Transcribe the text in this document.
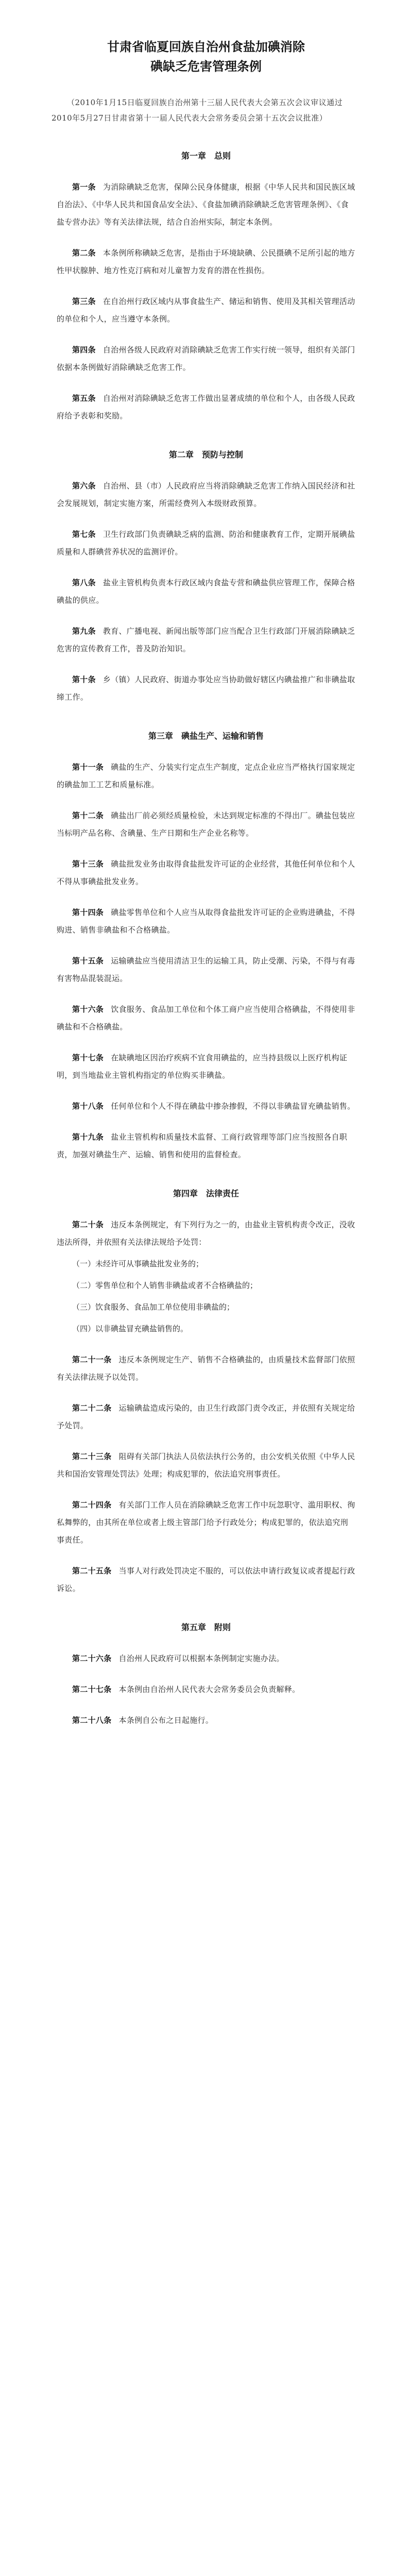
甘肃省临夏回族自治州食盐加碘消除
碘缺乏危害管理条例
（2010年1月15日临夏回族自治州第十三届人民代表大会第五次会议审议通过　2010年5月27日甘肃省第十一届人民代表大会常务委员会第十五次会议批准）
第一章　总则
第一条 为消除碘缺乏危害，保障公民身体健康，根据《中华人民共和国民族区域自治法》、《中华人民共和国食品安全法》、《食盐加碘消除碘缺乏危害管理条例》、《食盐专营办法》等有关法律法规，结合自治州实际，制定本条例。
第二条 本条例所称碘缺乏危害，是指由于环境缺碘、公民摄碘不足所引起的地方性甲状腺肿、地方性克汀病和对儿童智力发育的潜在性损伤。
第三条 在自治州行政区域内从事食盐生产、储运和销售、使用及其相关管理活动的单位和个人，应当遵守本条例。
第四条 自治州各级人民政府对消除碘缺乏危害工作实行统一领导，组织有关部门依据本条例做好消除碘缺乏危害工作。
第五条 自治州对消除碘缺乏危害工作做出显著成绩的单位和个人，由各级人民政府给予表彰和奖励。
第二章　预防与控制
第六条 自治州、县（市）人民政府应当将消除碘缺乏危害工作纳入国民经济和社会发展规划，制定实施方案，所需经费列入本级财政预算。
第七条 卫生行政部门负责碘缺乏病的监测、防治和健康教育工作，定期开展碘盐质量和人群碘营养状况的监测评价。
第八条 盐业主管机构负责本行政区域内食盐专营和碘盐供应管理工作，保障合格碘盐的供应。
第九条 教育、广播电视、新闻出版等部门应当配合卫生行政部门开展消除碘缺乏危害的宣传教育工作，普及防治知识。
第十条 乡（镇）人民政府、街道办事处应当协助做好辖区内碘盐推广和非碘盐取缔工作。
第三章　碘盐生产、运输和销售
第十一条 碘盐的生产、分装实行定点生产制度，定点企业应当严格执行国家规定的碘盐加工工艺和质量标准。
第十二条 碘盐出厂前必须经质量检验，未达到规定标准的不得出厂。碘盐包装应当标明产品名称、含碘量、生产日期和生产企业名称等。
第十三条 碘盐批发业务由取得食盐批发许可证的企业经营，其他任何单位和个人不得从事碘盐批发业务。
第十四条 碘盐零售单位和个人应当从取得食盐批发许可证的企业购进碘盐，不得购进、销售非碘盐和不合格碘盐。
第十五条 运输碘盐应当使用清洁卫生的运输工具，防止受潮、污染，不得与有毒有害物品混装混运。
第十六条 饮食服务、食品加工单位和个体工商户应当使用合格碘盐，不得使用非碘盐和不合格碘盐。
第十七条 在缺碘地区因治疗疾病不宜食用碘盐的，应当持县级以上医疗机构证明，到当地盐业主管机构指定的单位购买非碘盐。
第十八条 任何单位和个人不得在碘盐中掺杂掺假，不得以非碘盐冒充碘盐销售。
第十九条 盐业主管机构和质量技术监督、工商行政管理等部门应当按照各自职责，加强对碘盐生产、运输、销售和使用的监督检查。
第四章　法律责任
第二十条 违反本条例规定，有下列行为之一的，由盐业主管机构责令改正，没收违法所得，并依照有关法律法规给予处罚：
（一）未经许可从事碘盐批发业务的；
（二）零售单位和个人销售非碘盐或者不合格碘盐的；
（三）饮食服务、食品加工单位使用非碘盐的；
（四）以非碘盐冒充碘盐销售的。
第二十一条 违反本条例规定生产、销售不合格碘盐的，由质量技术监督部门依照有关法律法规予以处罚。
第二十二条 运输碘盐造成污染的，由卫生行政部门责令改正，并依照有关规定给予处罚。
第二十三条 阻碍有关部门执法人员依法执行公务的，由公安机关依照《中华人民共和国治安管理处罚法》处理；构成犯罪的，依法追究刑事责任。
第二十四条 有关部门工作人员在消除碘缺乏危害工作中玩忽职守、滥用职权、徇私舞弊的，由其所在单位或者上级主管部门给予行政处分；构成犯罪的，依法追究刑事责任。
第二十五条 当事人对行政处罚决定不服的，可以依法申请行政复议或者提起行政诉讼。
第五章　附则
第二十六条 自治州人民政府可以根据本条例制定实施办法。
第二十七条 本条例由自治州人民代表大会常务委员会负责解释。
第二十八条 本条例自公布之日起施行。
